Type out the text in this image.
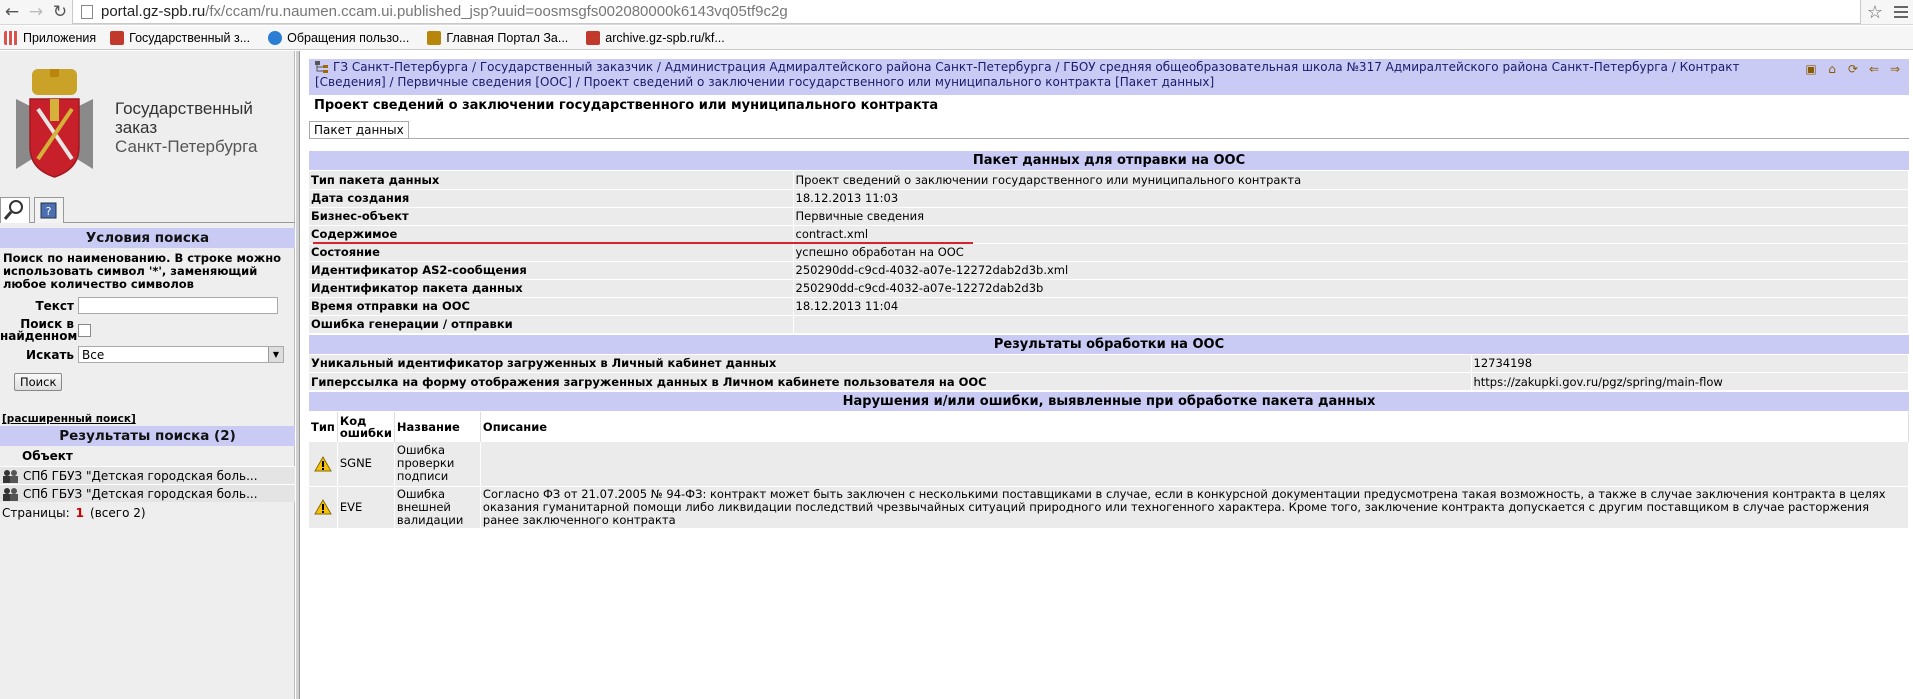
← → ↻	portal.gz-spb.ru /fx/ccam/ru.naumen.ccam.ui.published_jsp?uuid=oosmsgfs002080000k6143vq05tf9c2g	☆
Приложения	Государственный з...	Обращения пользо...	Главная Портал За...	archive.gz-spb.ru/kf...
Государственный
заказ
Санкт-Петербурга
?
Условия поиска
Поиск по наименованию. В строке можно использовать символ '*', заменяющий любое количество символов
Текст
Поиск в найденном
Искать Все	▼
Поиск
[расширенный поиск]
Результаты поиска (2)
Объект
СПб ГБУЗ "Детская городская боль...
СПб ГБУЗ "Детская городская боль...
Страницы: 1 (всего 2)
ГЗ Санкт-Петербурга / Государственный заказчик / Администрация Адмиралтейского района Санкт-Петербурга / ГБОУ средняя общеобразовательная школа №317 Адмиралтейского района Санкт-Петербурга / Контракт [Сведения] / Первичные сведения [ООС] / Проект сведений о заключении государственного или муниципального контракта [Пакет данных]
▣ ⌂	⟳ ⇐ ⇒
Проект сведений о заключении государственного или муниципального контракта
Пакет данных
Пакет данных для отправки на ООС
Тип пакета данных	Проект сведений о заключении государственного или муниципального контракта
Дата создания	18.12.2013 11:03
Бизнес-объект	Первичные сведения
Содержимое	contract.xml
Состояние	успешно обработан на ООС
Идентификатор AS2-сообщения	250290dd-c9cd-4032-a07e-12272dab2d3b.xml
Идентификатор пакета данных	250290dd-c9cd-4032-a07e-12272dab2d3b
Время отправки на ООС	18.12.2013 11:04
Ошибка генерации / отправки	
Результаты обработки на ООС
Уникальный идентификатор загруженных в Личный кабинет данных	12734198
Гиперссылка на форму отображения загруженных данных в Личном кабинете пользователя на ООС	https://zakupki.gov.ru/pgz/spring/main-flow
Нарушения и/или ошибки, выявленные при обработке пакета данных
Тип	Код ошибки	Название	Описание

	SGNE	Ошибка проверки подписи	

	EVE	Ошибка внешней валидации	Согласно ФЗ от 21.07.2005 № 94-ФЗ: контракт может быть заключен с несколькими поставщиками в случае, если в конкурсной документации предусмотрена такая возможность, а также в случае заключения контракта в целях оказания гуманитарной помощи либо ликвидации последствий чрезвычайных ситуаций природного или техногенного характера. Кроме того, заключение контракта допускается с другим поставщиком в случае расторжения ранее заключенного контракта
